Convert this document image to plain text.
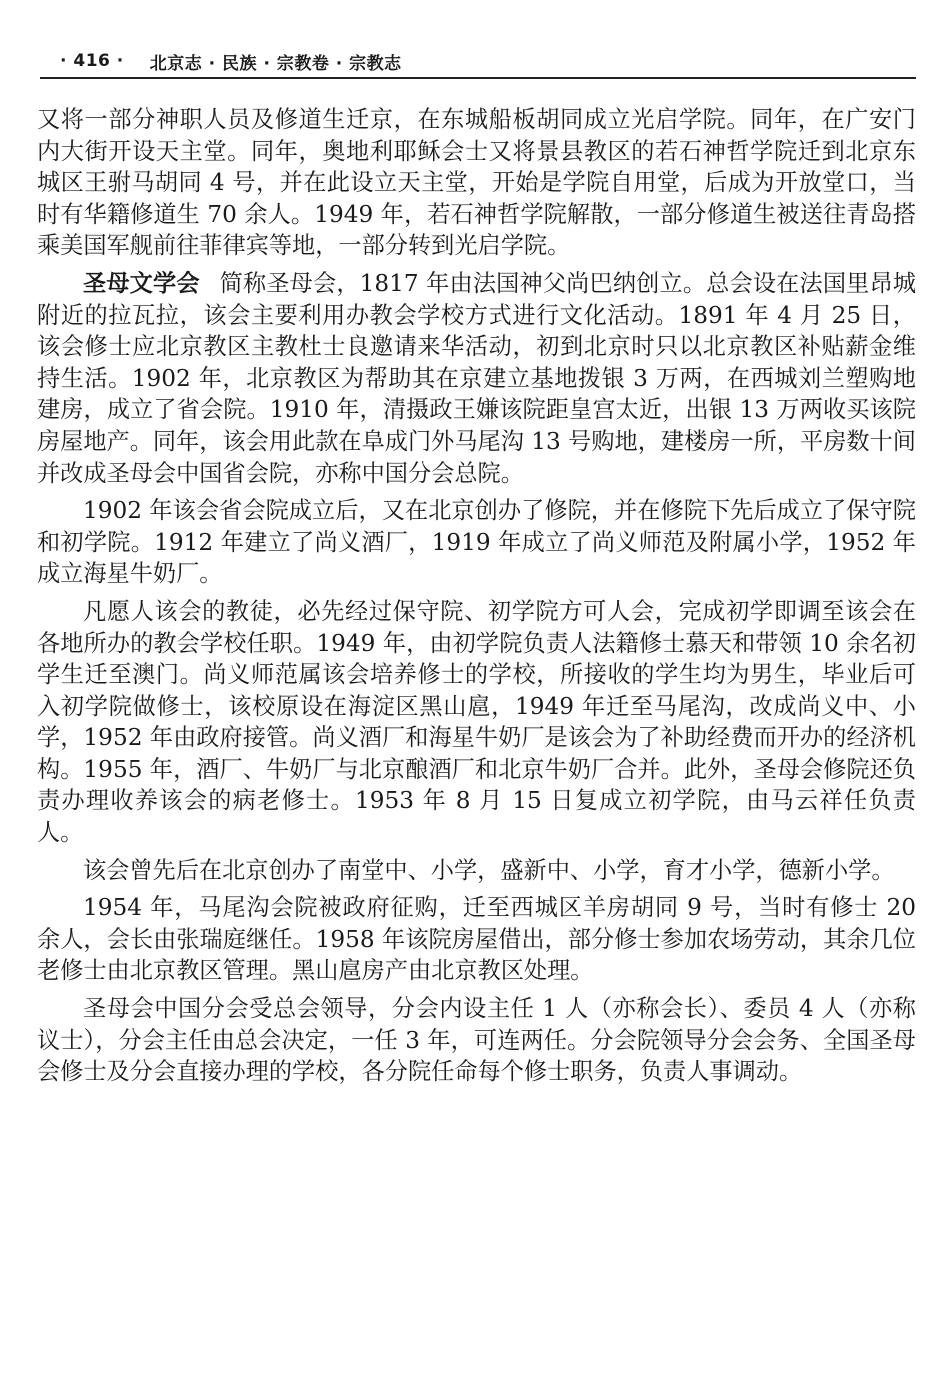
· 416 · 北京志 · 民族 · 宗教卷 · 宗教志

又将一部分神职人员及修道生迁京，在东城船板胡同成立光启学院。同年，在广安门内大街开设天主堂。同年，奥地利耶稣会士又将景县教区的若石神哲学院迁到北京东城区王驸马胡同 4 号，并在此设立天主堂，开始是学院自用堂，后成为开放堂口，当时有华籍修道生 70 余人。1949 年，若石神哲学院解散，一部分修道生被送往青岛搭乘美国军舰前往菲律宾等地，一部分转到光启学院。

圣母文学会 简称圣母会，1817 年由法国神父尚巴纳创立。总会设在法国里昂城附近的拉瓦拉，该会主要利用办教会学校方式进行文化活动。1891 年 4 月 25 日，该会修士应北京教区主教杜士良邀请来华活动，初到北京时只以北京教区补贴薪金维持生活。1902 年，北京教区为帮助其在京建立基地拨银 3 万两，在西城刘兰塑购地建房，成立了省会院。1910 年，清摄政王嫌该院距皇宫太近，出银 13 万两收买该院房屋地产。同年，该会用此款在阜成门外马尾沟 13 号购地，建楼房一所，平房数十间并改成圣母会中国省会院，亦称中国分会总院。

1902 年该会省会院成立后，又在北京创办了修院，并在修院下先后成立了保守院和初学院。1912 年建立了尚义酒厂，1919 年成立了尚义师范及附属小学，1952 年成立海星牛奶厂。

凡愿人该会的教徒，必先经过保守院、初学院方可人会，完成初学即调至该会在各地所办的教会学校任职。1949 年，由初学院负责人法籍修士慕天和带领 10 余名初学生迁至澳门。尚义师范属该会培养修士的学校，所接收的学生均为男生，毕业后可入初学院做修士，该校原设在海淀区黑山扈，1949 年迁至马尾沟，改成尚义中、小学，1952 年由政府接管。尚义酒厂和海星牛奶厂是该会为了补助经费而开办的经济机构。1955 年，酒厂、牛奶厂与北京酿酒厂和北京牛奶厂合并。此外，圣母会修院还负责办理收养该会的病老修士。1953 年 8 月 15 日复成立初学院，由马云祥任负责人。

该会曾先后在北京创办了南堂中、小学，盛新中、小学，育才小学，德新小学。

1954 年，马尾沟会院被政府征购，迁至西城区羊房胡同 9 号，当时有修士 20 余人，会长由张瑞庭继任。1958 年该院房屋借出，部分修士参加农场劳动，其余几位老修士由北京教区管理。黑山扈房产由北京教区处理。

圣母会中国分会受总会领导，分会内设主任 1 人（亦称会长）、委员 4 人（亦称议士），分会主任由总会决定，一任 3 年，可连两任。分会院领导分会会务、全国圣母会修士及分会直接办理的学校，各分院任命每个修士职务，负责人事调动。
